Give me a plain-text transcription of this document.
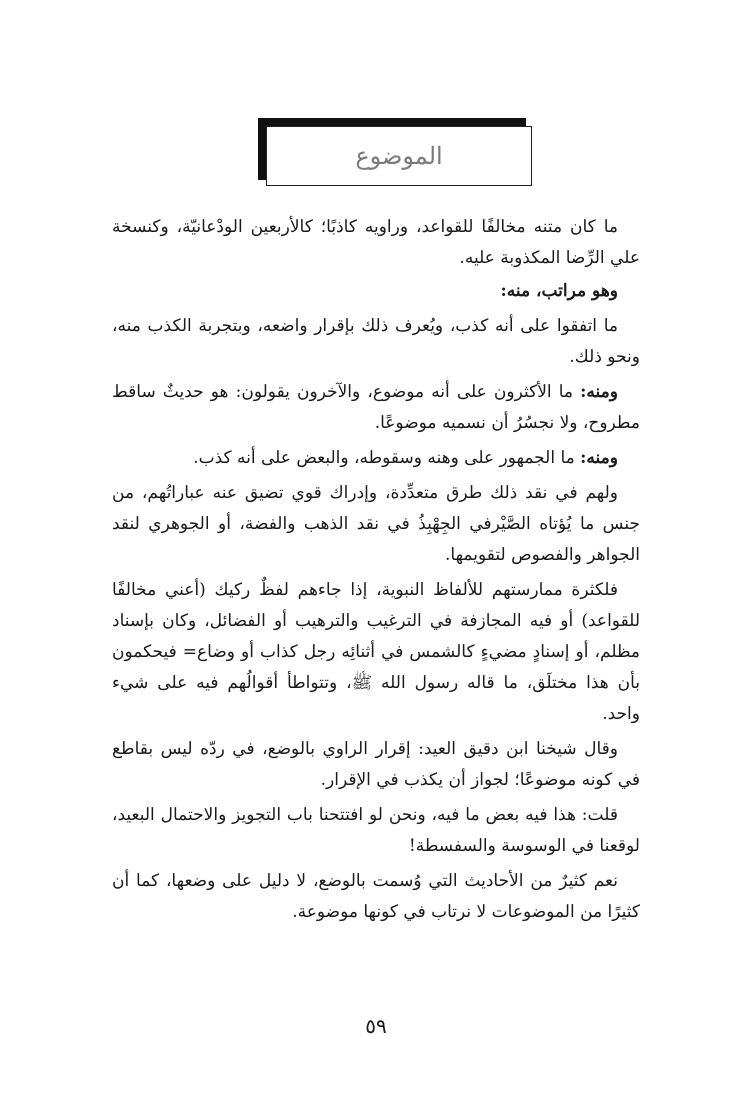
الموضوع

ما كان متنه مخالفًا للقواعد، وراويه كاذبًا؛ كالأربعين الودْعانيّة، وكنسخة علي الرِّضا المكذوبة عليه.

وهو مراتب، منه:

ما اتفقوا على أنه كذب، ويُعرف ذلك بإقرار واضعه، وبتجربة الكذب منه، ونحو ذلك.

ومنه: ما الأكثرون على أنه موضوع، والآخرون يقولون: هو حديثٌ ساقط مطروح، ولا نجسُرُ أن نسميه موضوعًا.

ومنه: ما الجمهور على وهنه وسقوطه، والبعض على أنه كذب.

ولهم في نقد ذلك طرق متعدِّدة، وإدراك قوي تضيق عنه عباراتُهم، من جنس ما يُؤتاه الصَّيْرفي الجِهْبِذُ في نقد الذهب والفضة، أو الجوهري لنقد الجواهر والفصوص لتقويمها.

فلكثرة ممارستهم للألفاظ النبوية، إذا جاءهم لفظٌ ركيك (أعني مخالفًا للقواعد) أو فيه المجازفة في الترغيب والترهيب أو الفضائل، وكان بإسناد مظلم، أو إسنادٍ مضيءٍ كالشمس في أثنائِه رجل كذاب أو وضاع= فيحكمون بأن هذا مختلَق، ما قاله رسول الله ﷺ، وتتواطأ أقوالُهم فيه على شيء واحد.

وقال شيخنا ابن دقيق العيد: إقرار الراوي بالوضع، في ردّه ليس بقاطع في كونه موضوعًا؛ لجواز أن يكذب في الإقرار.

قلت: هذا فيه بعض ما فيه، ونحن لو افتتحنا باب التجويز والاحتمال البعيد، لوقعنا في الوسوسة والسفسطة!

نعم كثيرٌ من الأحاديث التي وُسمت بالوضع، لا دليل على وضعها، كما أن كثيرًا من الموضوعات لا نرتاب في كونها موضوعة.

٥٩
